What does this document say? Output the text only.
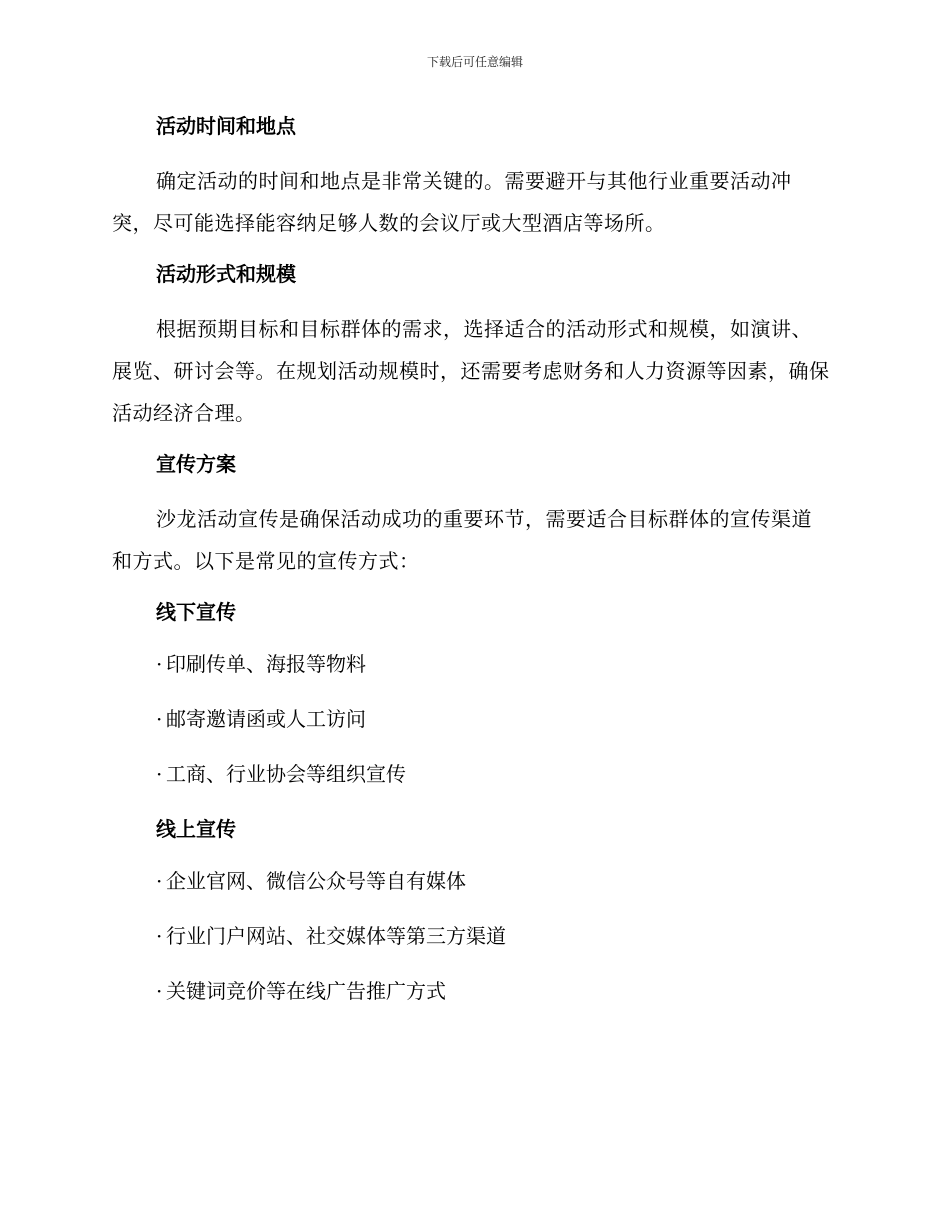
下载后可任意编辑
活动时间和地点

确定活动的时间和地点是非常关键的。需要避开与其他行业重要活动冲突，尽可能选择能容纳足够人数的会议厅或大型酒店等场所。

活动形式和规模

根据预期目标和目标群体的需求，选择适合的活动形式和规模，如演讲、展览、研讨会等。在规划活动规模时，还需要考虑财务和人力资源等因素，确保活动经济合理。

宣传方案

沙龙活动宣传是确保活动成功的重要环节，需要适合目标群体的宣传渠道和方式。以下是常见的宣传方式：

线下宣传
· 印刷传单、海报等物料
· 邮寄邀请函或人工访问
· 工商、行业协会等组织宣传
线上宣传
· 企业官网、微信公众号等自有媒体
· 行业门户网站、社交媒体等第三方渠道
· 关键词竞价等在线广告推广方式
